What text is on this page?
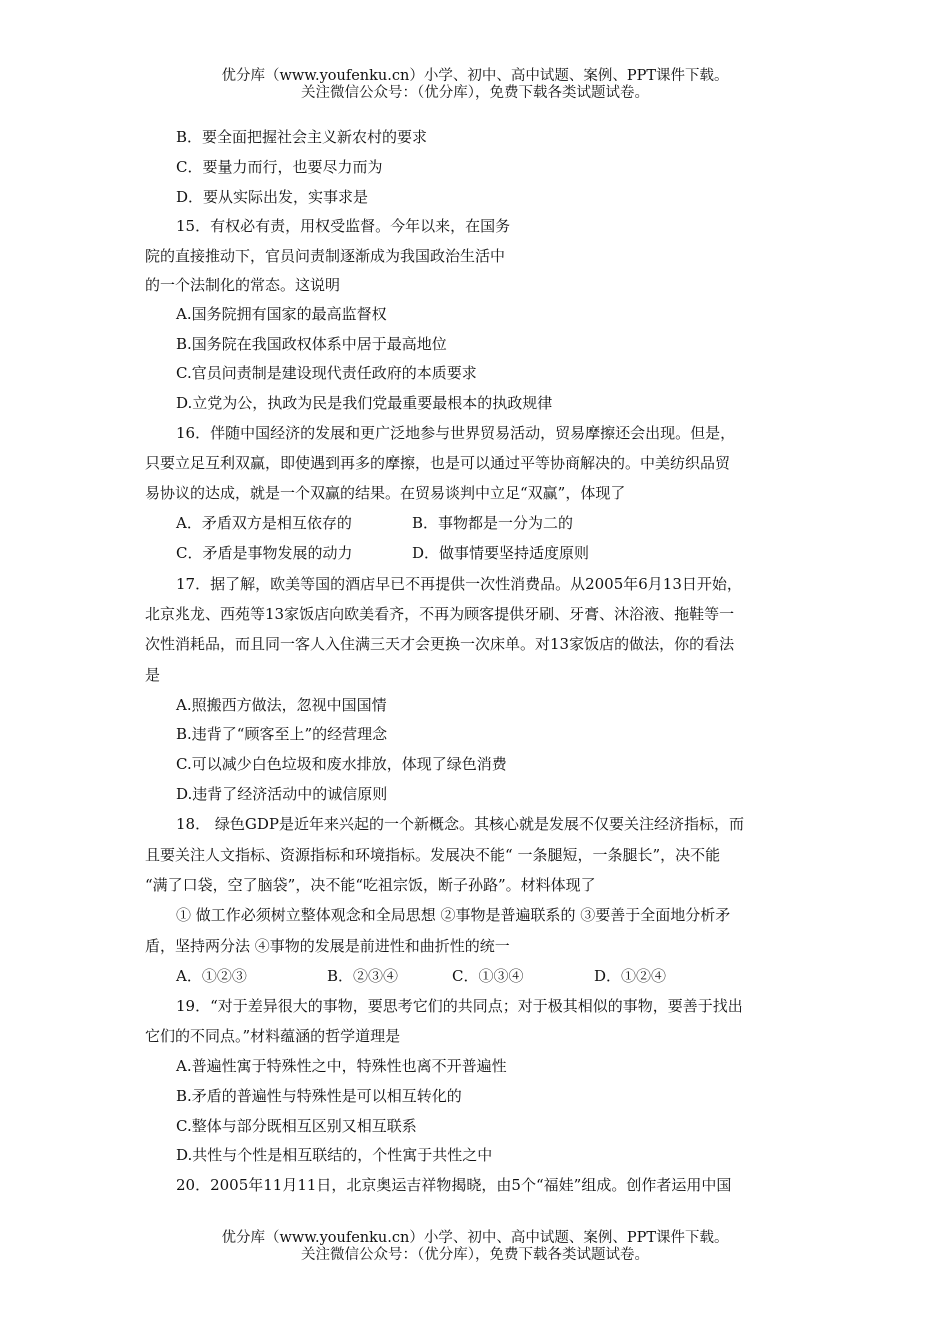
优分库（www.youfenku.cn）小学、初中、高中试题、案例、PPT课件下载。
关注微信公众号：（优分库），免费下载各类试题试卷。
B．要全面把握社会主义新农村的要求
C．要量力而行，也要尽力而为
D．要从实际出发，实事求是
15．有权必有责，用权受监督。今年以来，在国务
院的直接推动下，官员问责制逐渐成为我国政治生活中
的一个法制化的常态。这说明
A.国务院拥有国家的最高监督权
B.国务院在我国政权体系中居于最高地位
C.官员问责制是建设现代责任政府的本质要求
D.立党为公，执政为民是我们党最重要最根本的执政规律
16．伴随中国经济的发展和更广泛地参与世界贸易活动，贸易摩擦还会出现。但是，
只要立足互利双赢，即使遇到再多的摩擦，也是可以通过平等协商解决的。中美纺织品贸
易协议的达成，就是一个双赢的结果。在贸易谈判中立足“双赢”，体现了
A．矛盾双方是相互依存的	B．事物都是一分为二的
C．矛盾是事物发展的动力	D．做事情要坚持适度原则
17．据了解，欧美等国的酒店早已不再提供一次性消费品。从2005年6月13日开始，
北京兆龙、西苑等13家饭店向欧美看齐，不再为顾客提供牙刷、牙膏、沐浴液、拖鞋等一
次性消耗品，而且同一客人入住满三天才会更换一次床单。对13家饭店的做法，你的看法
是
A.照搬西方做法，忽视中国国情
B.违背了“顾客至上”的经营理念
C.可以减少白色垃圾和废水排放，体现了绿色消费
D.违背了经济活动中的诚信原则
18． 绿色GDP是近年来兴起的一个新概念。其核心就是发展不仅要关注经济指标，而
且要关注人文指标、资源指标和环境指标。发展决不能“ 一条腿短，一条腿长”，决不能
“满了口袋，空了脑袋”，决不能“吃祖宗饭，断子孙路”。材料体现了
① 做工作必须树立整体观念和全局思想 ②事物是普遍联系的 ③要善于全面地分析矛
盾，坚持两分法 ④事物的发展是前进性和曲折性的统一
A．①②③	B．②③④	C．①③④	D．①②④
19．“对于差异很大的事物，要思考它们的共同点；对于极其相似的事物，要善于找出
它们的不同点。”材料蕴涵的哲学道理是
A.普遍性寓于特殊性之中，特殊性也离不开普遍性
B.矛盾的普遍性与特殊性是可以相互转化的
C.整体与部分既相互区别又相互联系
D.共性与个性是相互联结的，个性寓于共性之中
20．2005年11月11日，北京奥运吉祥物揭晓，由5个“福娃”组成。创作者运用中国
优分库（www.youfenku.cn）小学、初中、高中试题、案例、PPT课件下载。
关注微信公众号：（优分库），免费下载各类试题试卷。
